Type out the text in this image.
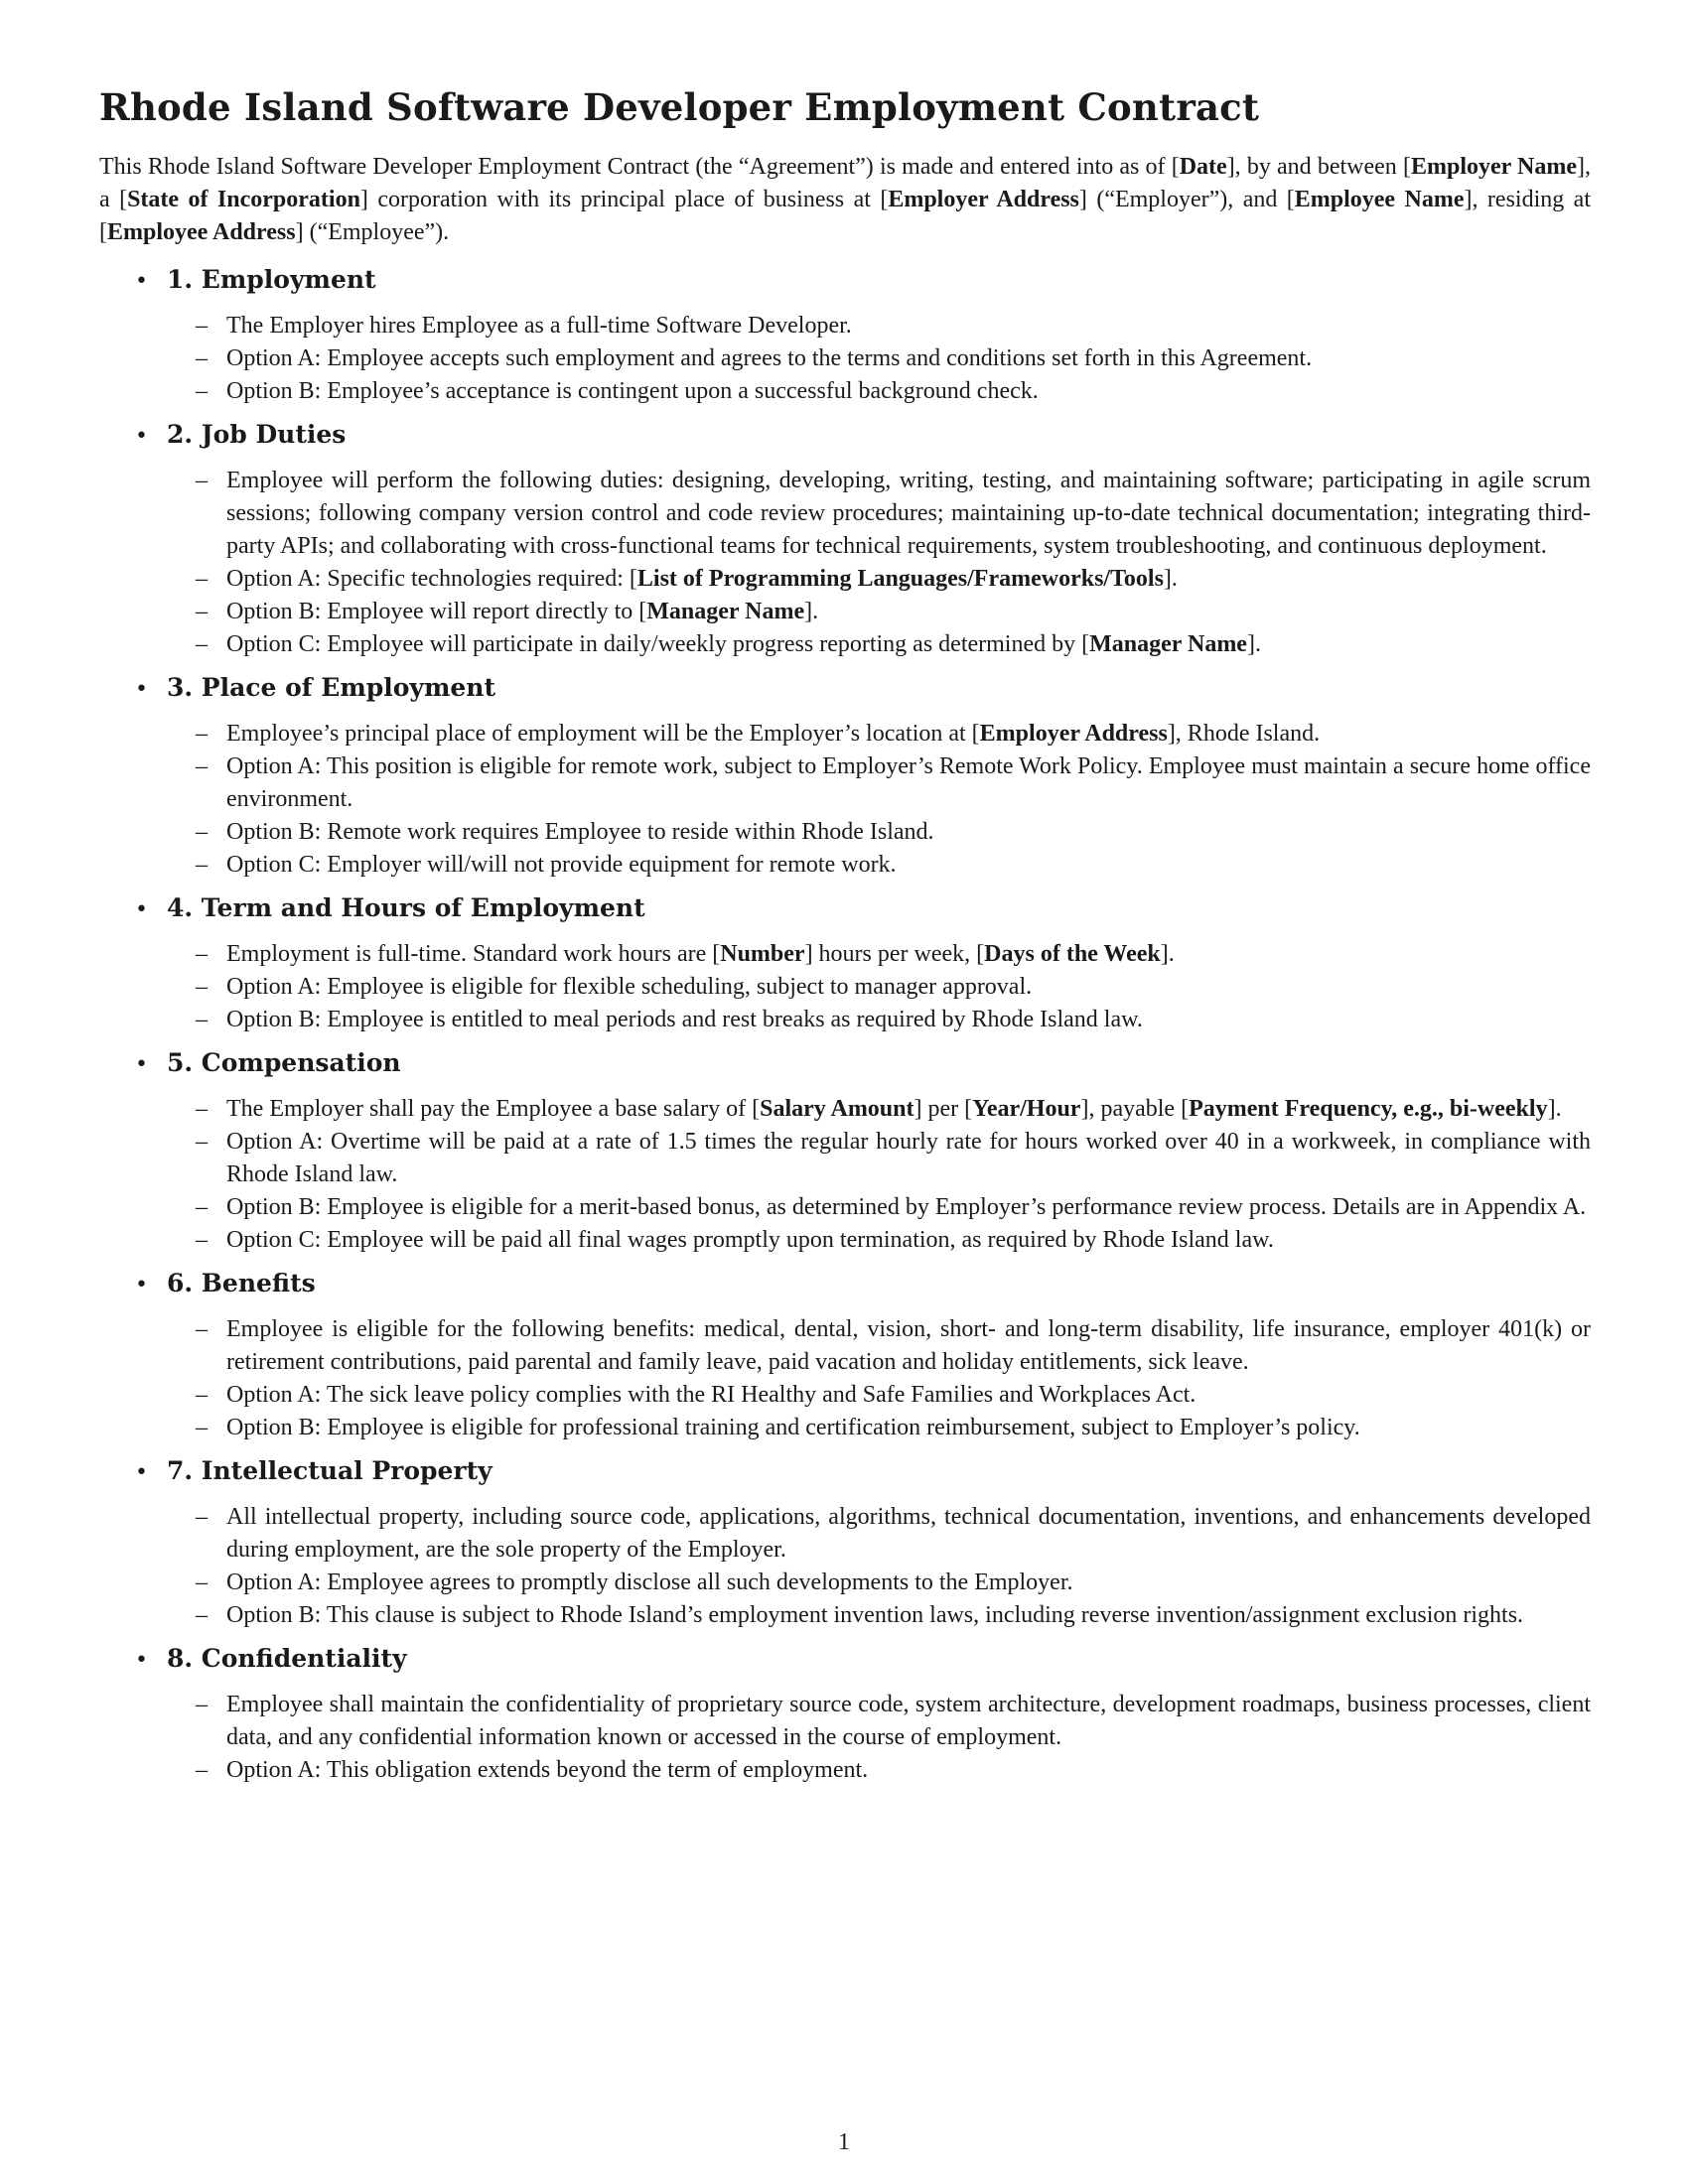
Rhode Island Software Developer Employment Contract

This Rhode Island Software Developer Employment Contract (the “Agreement”) is made and entered into as of [Date], by and between [Employer Name], a [State of Incorporation] corporation with its principal place of business at [Employer Address] (“Employer”), and [Employee Name], residing at [Employee Address] (“Employee”).

• 1. Employment
– The Employer hires Employee as a full-time Software Developer.
– Option A: Employee accepts such employment and agrees to the terms and conditions set forth in this Agreement.
– Option B: Employee’s acceptance is contingent upon a successful background check.
• 2. Job Duties
– Employee will perform the following duties: designing, developing, writing, testing, and maintaining software; participating in agile scrum sessions; following company version control and code review procedures; maintaining up-to-date technical documentation; integrating third-party APIs; and collaborating with cross-functional teams for technical requirements, system troubleshooting, and continuous deployment.
– Option A: Specific technologies required: [List of Programming Languages/Frameworks/Tools].
– Option B: Employee will report directly to [Manager Name].
– Option C: Employee will participate in daily/weekly progress reporting as determined by [Manager Name].
• 3. Place of Employment
– Employee’s principal place of employment will be the Employer’s location at [Employer Address], Rhode Island.
– Option A: This position is eligible for remote work, subject to Employer’s Remote Work Policy. Employee must maintain a secure home office environment.
– Option B: Remote work requires Employee to reside within Rhode Island.
– Option C: Employer will/will not provide equipment for remote work.
• 4. Term and Hours of Employment
– Employment is full-time. Standard work hours are [Number] hours per week, [Days of the Week].
– Option A: Employee is eligible for flexible scheduling, subject to manager approval.
– Option B: Employee is entitled to meal periods and rest breaks as required by Rhode Island law.
• 5. Compensation
– The Employer shall pay the Employee a base salary of [Salary Amount] per [Year/Hour], payable [Payment Frequency, e.g., bi-weekly].
– Option A: Overtime will be paid at a rate of 1.5 times the regular hourly rate for hours worked over 40 in a workweek, in compliance with Rhode Island law.
– Option B: Employee is eligible for a merit-based bonus, as determined by Employer’s performance review process. Details are in Appendix A.
– Option C: Employee will be paid all final wages promptly upon termination, as required by Rhode Island law.
• 6. Benefits
– Employee is eligible for the following benefits: medical, dental, vision, short- and long-term disability, life insurance, employer 401(k) or retirement contributions, paid parental and family leave, paid vacation and holiday entitlements, sick leave.
– Option A: The sick leave policy complies with the RI Healthy and Safe Families and Workplaces Act.
– Option B: Employee is eligible for professional training and certification reimbursement, subject to Employer’s policy.
• 7. Intellectual Property
– All intellectual property, including source code, applications, algorithms, technical documentation, inventions, and enhancements developed during employment, are the sole property of the Employer.
– Option A: Employee agrees to promptly disclose all such developments to the Employer.
– Option B: This clause is subject to Rhode Island’s employment invention laws, including reverse invention/assignment exclusion rights.
• 8. Confidentiality
– Employee shall maintain the confidentiality of proprietary source code, system architecture, development roadmaps, business processes, client data, and any confidential information known or accessed in the course of employment.
– Option A: This obligation extends beyond the term of employment.
1
